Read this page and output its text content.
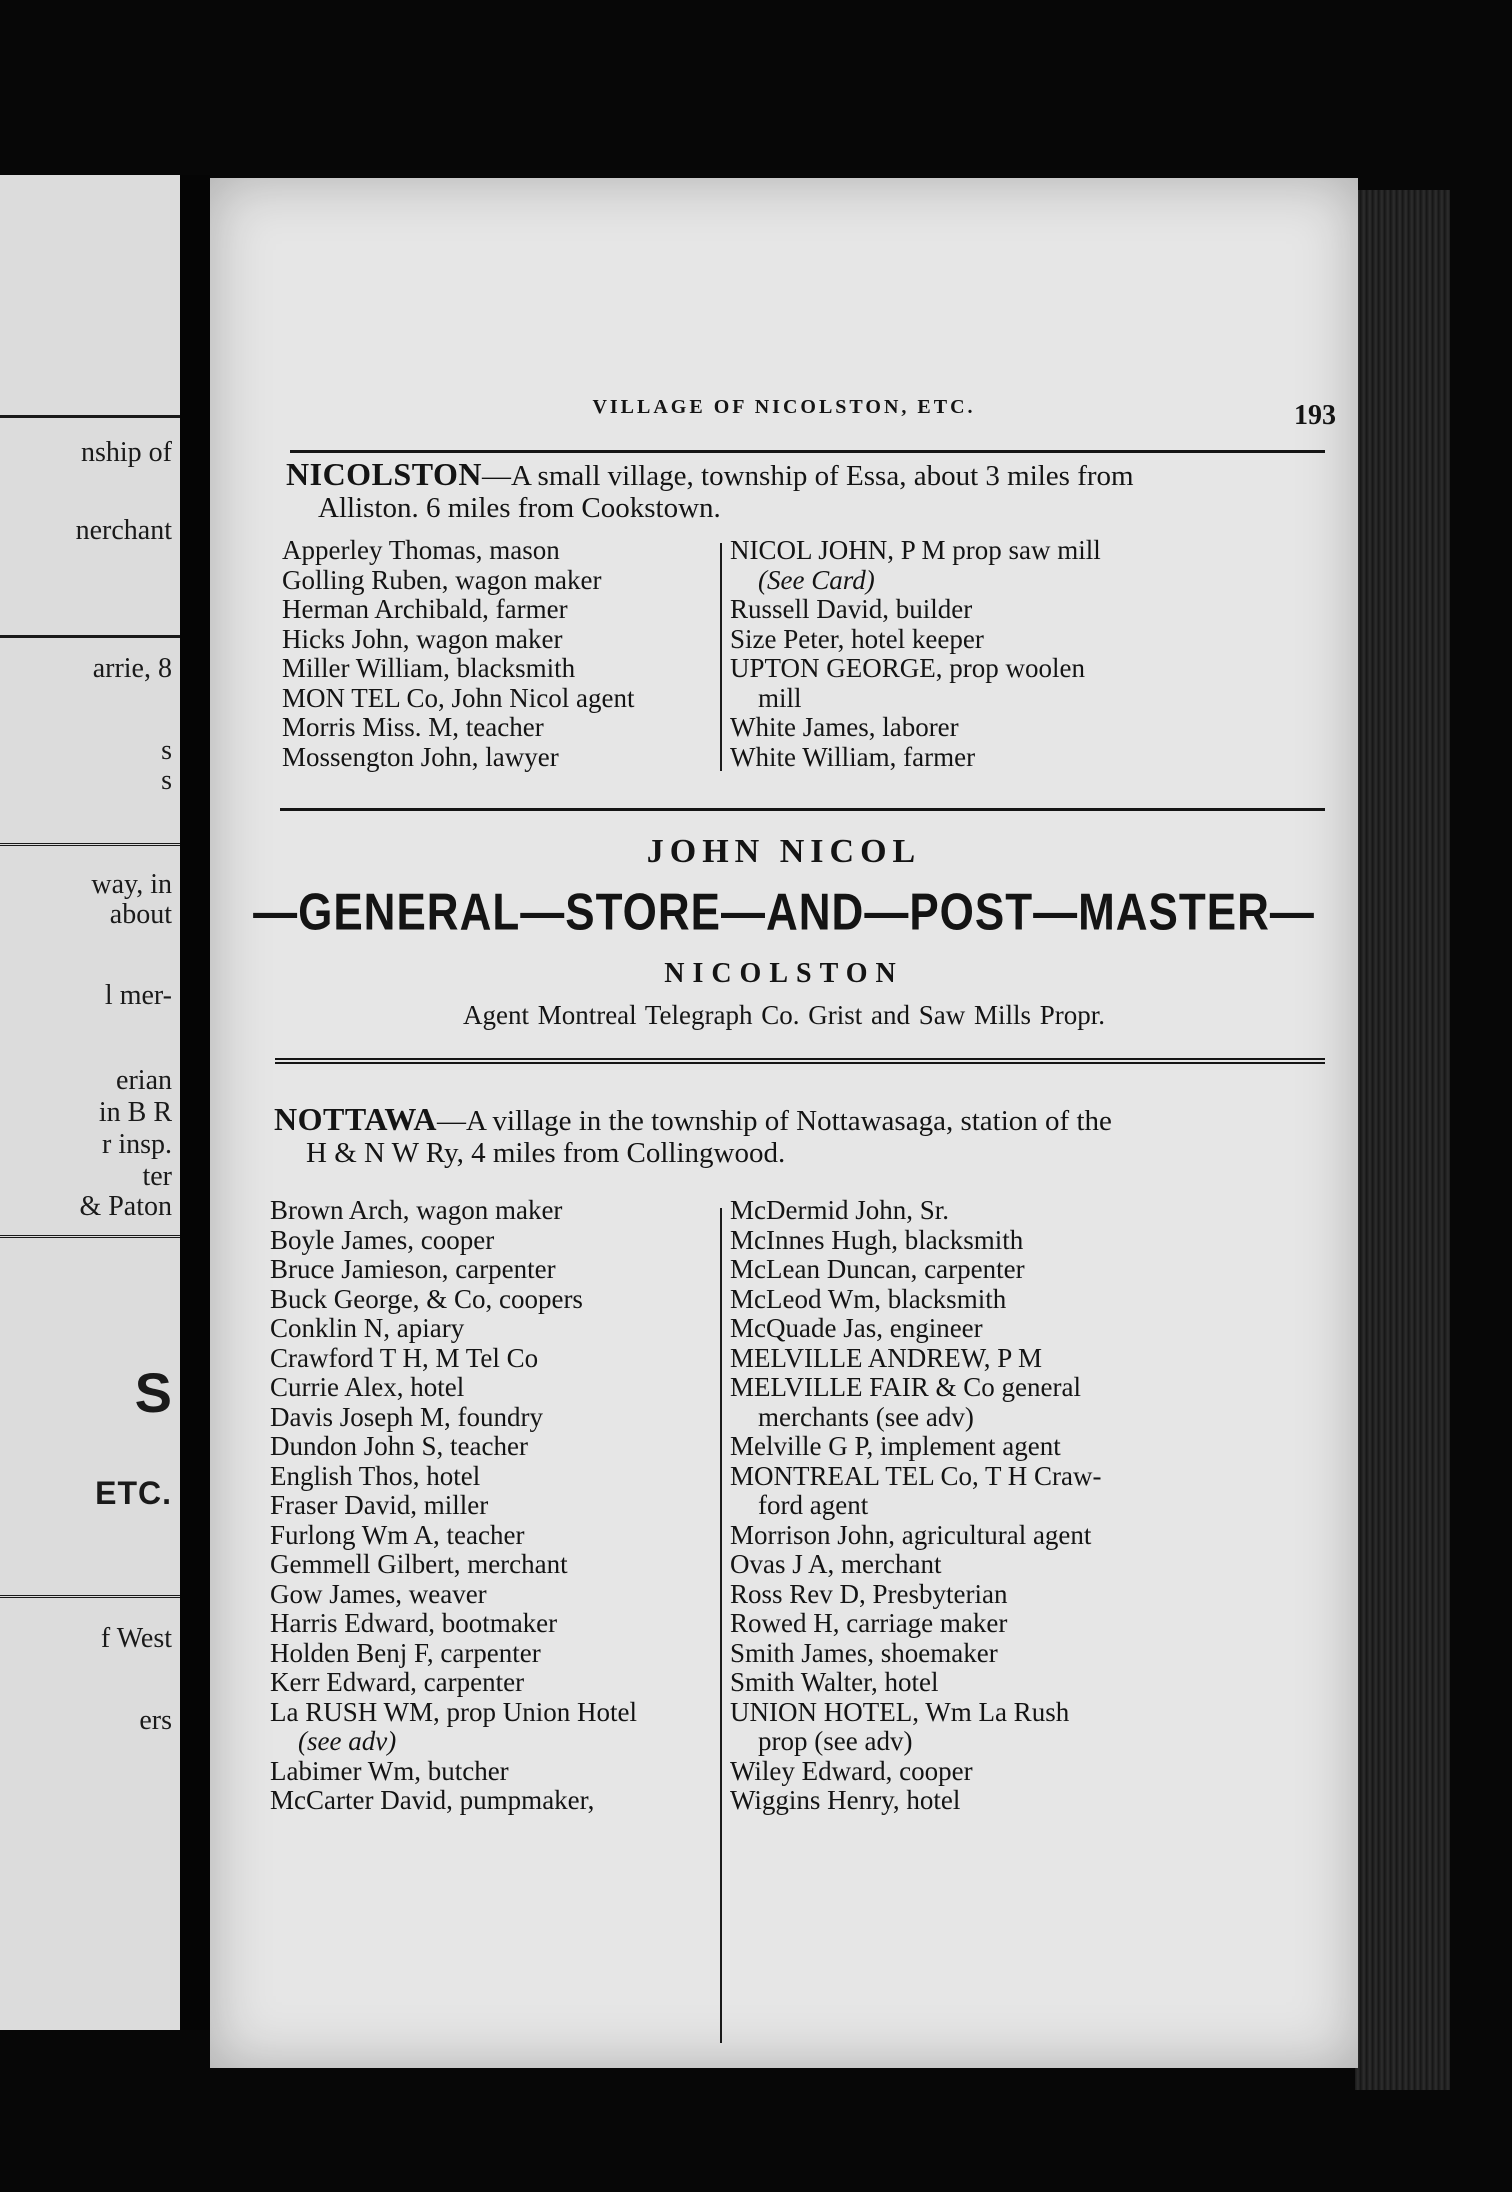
nship of
nerchant
arrie, 8
s
s
way, in
about
l mer-
erian
in B R
r insp.
ter
& Paton
S
ETC.
f West
ers
VILLAGE OF NICOLSTON, ETC.	193
NICOLSTON—A small village, township of Essa, about 3 miles from
Alliston. 6 miles from Cookstown.
Apperley Thomas, mason
Golling Ruben, wagon maker
Herman Archibald, farmer
Hicks John, wagon maker
Miller William, blacksmith
MON TEL Co, John Nicol agent
Morris Miss. M, teacher
Mossengton John, lawyer
NICOL JOHN, P M prop saw mill
(See Card)
Russell David, builder
Size Peter, hotel keeper
UPTON GEORGE, prop woolen
mill
White James, laborer
White William, farmer
JOHN NICOL
—GENERAL—STORE—AND—POST—MASTER—
NICOLSTON
Agent Montreal Telegraph Co. Grist and Saw Mills Propr.
NOTTAWA—A village in the township of Nottawasaga, station of the
H & N W Ry, 4 miles from Collingwood.
Brown Arch, wagon maker
Boyle James, cooper
Bruce Jamieson, carpenter
Buck George, & Co, coopers
Conklin N, apiary
Crawford T H, M Tel Co
Currie Alex, hotel
Davis Joseph M, foundry
Dundon John S, teacher
English Thos, hotel
Fraser David, miller
Furlong Wm A, teacher
Gemmell Gilbert, merchant
Gow James, weaver
Harris Edward, bootmaker
Holden Benj F, carpenter
Kerr Edward, carpenter
La RUSH WM, prop Union Hotel
(see adv)
Labimer Wm, butcher
McCarter David, pumpmaker,
McDermid John, Sr.
McInnes Hugh, blacksmith
McLean Duncan, carpenter
McLeod Wm, blacksmith
McQuade Jas, engineer
MELVILLE ANDREW, P M
MELVILLE FAIR & Co general
merchants (see adv)
Melville G P, implement agent
MONTREAL TEL Co, T H Craw-
ford agent
Morrison John, agricultural agent
Ovas J A, merchant
Ross Rev D, Presbyterian
Rowed H, carriage maker
Smith James, shoemaker
Smith Walter, hotel
UNION HOTEL, Wm La Rush
prop (see adv)
Wiley Edward, cooper
Wiggins Henry, hotel
